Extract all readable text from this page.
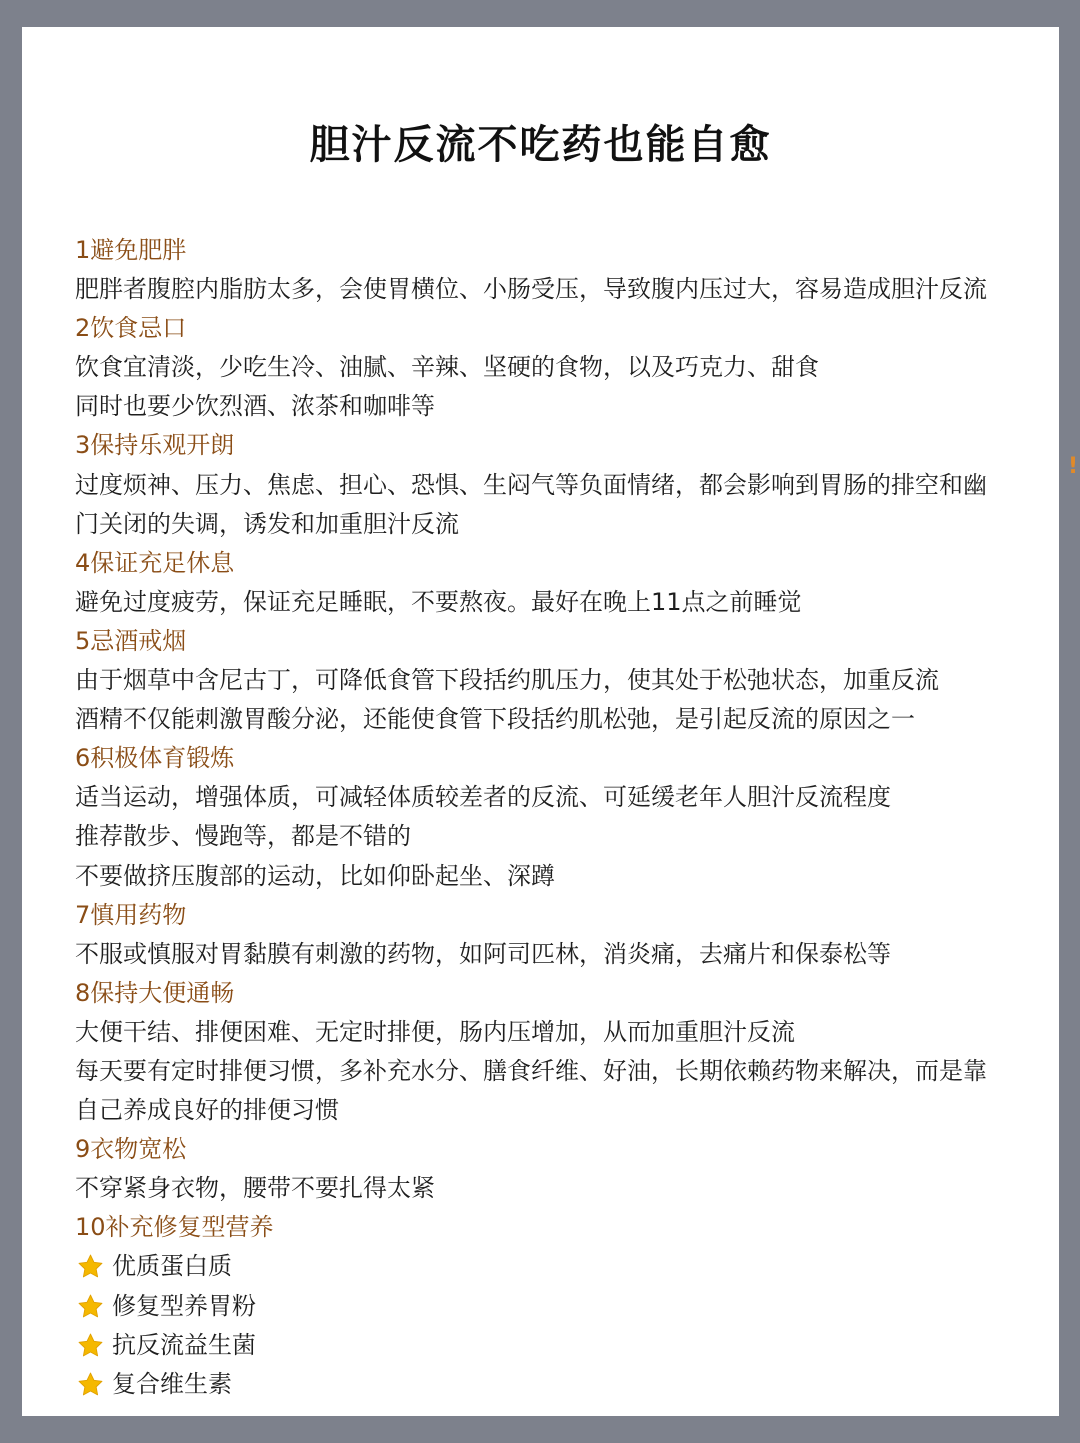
胆汁反流不吃药也能自愈
1避免肥胖
肥胖者腹腔内脂肪太多，会使胃横位、小肠受压，导致腹内压过大，容易造成胆汁反流
2饮食忌口
饮食宜清淡，少吃生冷、油腻、辛辣、坚硬的食物，以及巧克力、甜食
同时也要少饮烈酒、浓茶和咖啡等
3保持乐观开朗
过度烦神、压力、焦虑、担心、恐惧、生闷气等负面情绪，都会影响到胃肠的排空和幽
门关闭的失调，诱发和加重胆汁反流
4保证充足休息
避免过度疲劳，保证充足睡眠，不要熬夜。最好在晚上11点之前睡觉
5忌酒戒烟
由于烟草中含尼古丁，可降低食管下段括约肌压力，使其处于松弛状态，加重反流
酒精不仅能刺激胃酸分泌，还能使食管下段括约肌松弛，是引起反流的原因之一
6积极体育锻炼
适当运动，增强体质，可减轻体质较差者的反流、可延缓老年人胆汁反流程度
推荐散步、慢跑等，都是不错的
不要做挤压腹部的运动，比如仰卧起坐、深蹲
7慎用药物
不服或慎服对胃黏膜有刺激的药物，如阿司匹林，消炎痛，去痛片和保泰松等
8保持大便通畅
大便干结、排便困难、无定时排便，肠内压增加，从而加重胆汁反流
每天要有定时排便习惯，多补充水分、膳食纤维、好油，长期依赖药物来解决，而是靠
自己养成良好的排便习惯
9衣物宽松
不穿紧身衣物，腰带不要扎得太紧
10补充修复型营养
优质蛋白质
修复型养胃粉
抗反流益生菌
复合维生素
!
